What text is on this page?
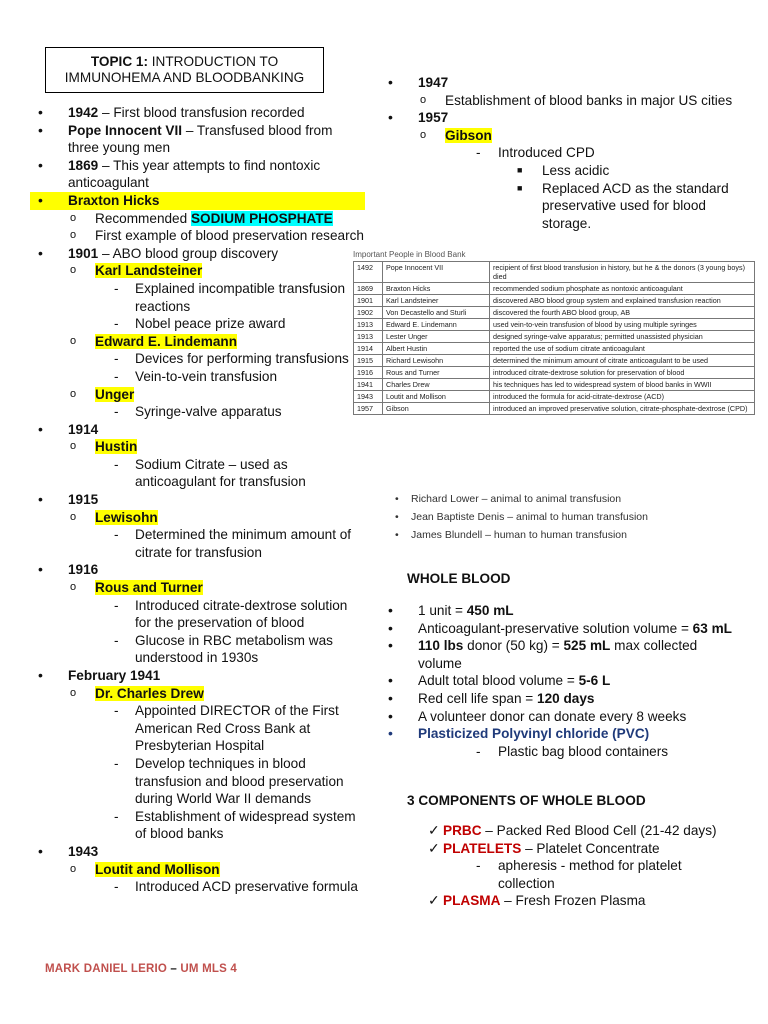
TOPIC 1: INTRODUCTION TO IMMUNOHEMA AND BLOODBANKING
• 1942 – First blood transfusion recorded
• Pope Innocent VII – Transfused blood from three young men
• 1869 – This year attempts to find nontoxic anticoagulant
• Braxton Hicks
o Recommended SODIUM PHOSPHATE
o First example of blood preservation research
• 1901 – ABO blood group discovery
o Karl Landsteiner
- Explained incompatible transfusion reactions
- Nobel peace prize award
o Edward E. Lindemann
- Devices for performing transfusions
- Vein-to-vein transfusion
o Unger
- Syringe-valve apparatus
• 1914
o Hustin
- Sodium Citrate – used as anticoagulant for transfusion
• 1915
o Lewisohn
- Determined the minimum amount of citrate for transfusion
• 1916
o Rous and Turner
- Introduced citrate-dextrose solution for the preservation of blood
- Glucose in RBC metabolism was understood in 1930s
• February 1941
o Dr. Charles Drew
- Appointed DIRECTOR of the First American Red Cross Bank at Presbyterian Hospital
- Develop techniques in blood transfusion and blood preservation during World War II demands
- Establishment of widespread system of blood banks
• 1943
o Loutit and Mollison
- Introduced ACD preservative formula
• 1947
o Establishment of blood banks in major US cities
• 1957
o Gibson
- Introduced CPD
■ Less acidic
■ Replaced ACD as the standard preservative used for blood storage.
Important People in Blood Bank
1492	Pope Innocent VII	recipient of first blood transfusion in history, but he & the donors (3 young boys) died
1869	Braxton Hicks	recommended sodium phosphate as nontoxic anticoagulant
1901	Karl Landsteiner	discovered ABO blood group system and explained transfusion reaction
1902	Von Decastello and Sturli	discovered the fourth ABO blood group, AB
1913	Edward E. Lindemann	used vein-to-vein transfusion of blood by using multiple syringes
1913	Lester Unger	designed syringe-valve apparatus; permitted unassisted physician
1914	Albert Hustin	reported the use of sodium citrate anticoagulant
1915	Richard Lewisohn	determined the minimum amount of citrate anticoagulant to be used
1916	Rous and Turner	introduced citrate-dextrose solution for preservation of blood
1941	Charles Drew	his techniques has led to widespread system of blood banks in WWII
1943	Loutit and Mollison	introduced the formula for acid-citrate-dextrose (ACD)
1957	Gibson	introduced an improved preservative solution, citrate-phosphate-dextrose (CPD)
• Richard Lower – animal to animal transfusion
• Jean Baptiste Denis – animal to human transfusion
• James Blundell – human to human transfusion
WHOLE BLOOD
• 1 unit = 450 mL
• Anticoagulant-preservative solution volume = 63 mL
• 110 lbs donor (50 kg) = 525 mL max collected volume
• Adult total blood volume = 5-6 L
• Red cell life span = 120 days
• A volunteer donor can donate every 8 weeks
• Plasticized Polyvinyl chloride (PVC)
- Plastic bag blood containers
3 COMPONENTS OF WHOLE BLOOD
✓ PRBC – Packed Red Blood Cell (21-42 days)
✓ PLATELETS – Platelet Concentrate
- apheresis - method for platelet collection
✓ PLASMA – Fresh Frozen Plasma
MARK DANIEL LERIO – UM MLS 4
